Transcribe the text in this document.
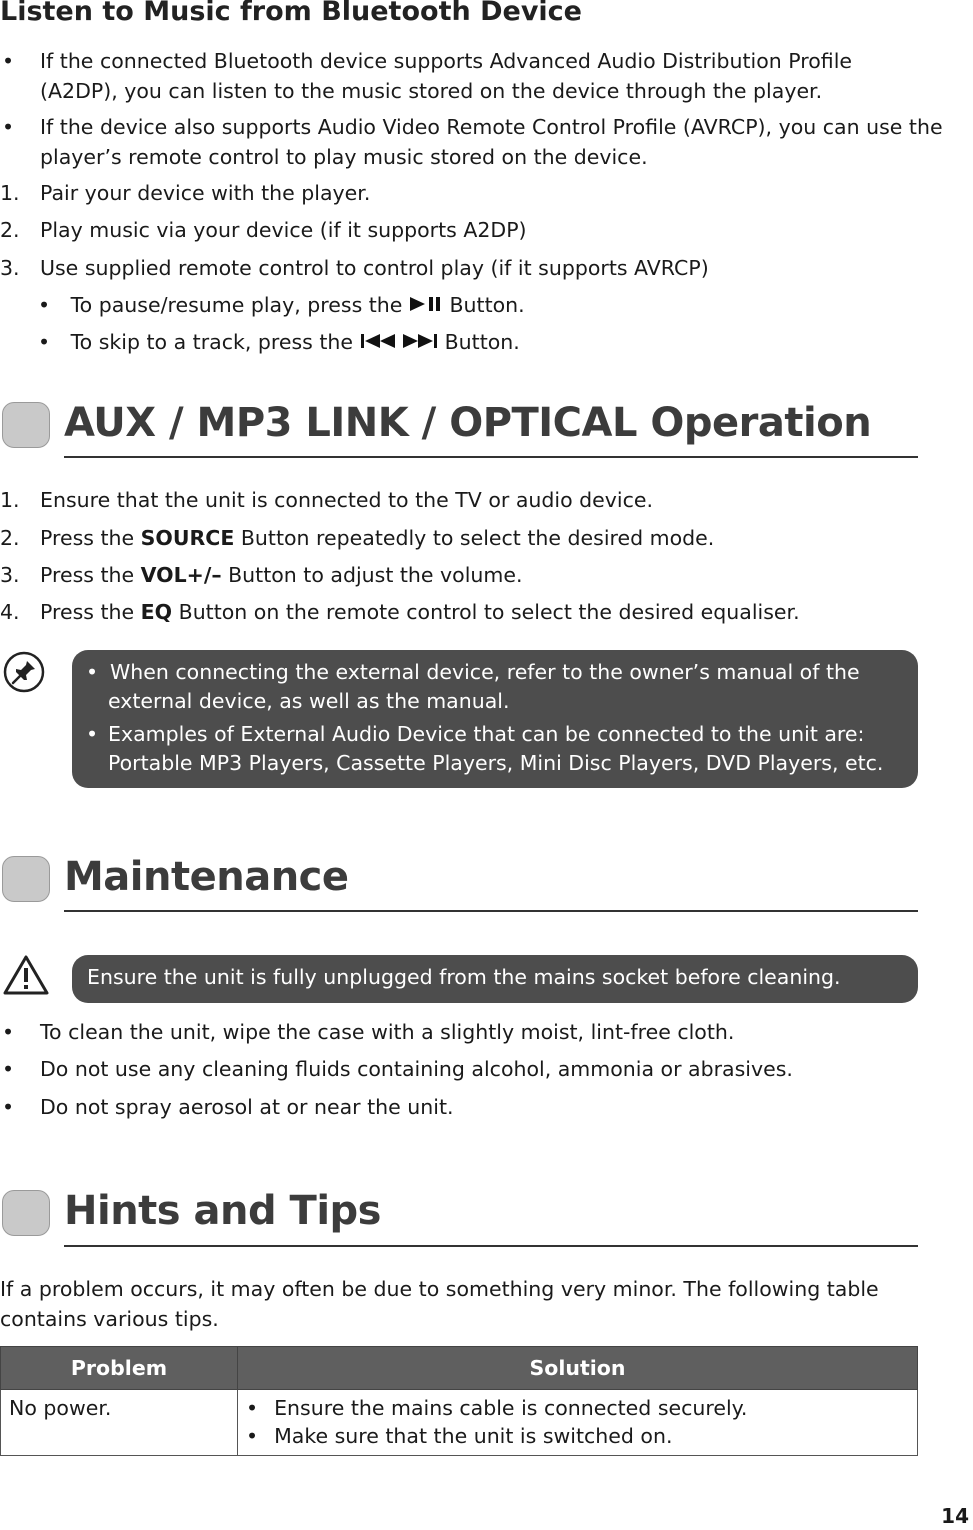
Listen to Music from Bluetooth Device
• If the connected Bluetooth device supports Advanced Audio Distribution Profile
(A2DP), you can listen to the music stored on the device through the player.
• If the device also supports Audio Video Remote Control Profile (AVRCP), you can use the
player’s remote control to play music stored on the device.
1. Pair your device with the player.
2. Play music via your device (if it supports A2DP)
3. Use supplied remote control to control play (if it supports AVRCP)
• To pause/resume play, press the Button.
• To skip to a track, press the	Button.
AUX / MP3 LINK / OPTICAL Operation
1. Ensure that the unit is connected to the TV or audio device.
2. Press the SOURCE Button repeatedly to select the desired mode.
3. Press the VOL+/– Button to adjust the volume.
4. Press the EQ Button on the remote control to select the desired equaliser.
• When connecting the external device, refer to the owner’s manual of the
external device, as well as the manual.
• Examples of External Audio Device that can be connected to the unit are:
Portable MP3 Players, Cassette Players, Mini Disc Players, DVD Players, etc.
Maintenance
Ensure the unit is fully unplugged from the mains socket before cleaning.
• To clean the unit, wipe the case with a slightly moist, lint-free cloth.
• Do not use any cleaning fluids containing alcohol, ammonia or abrasives.
• Do not spray aerosol at or near the unit.
Hints and Tips
If a problem occurs, it may often be due to something very minor. The following table
contains various tips.
Problem	Solution
No power.	• Ensure the mains cable is connected securely.
• Make sure that the unit is switched on.
14
